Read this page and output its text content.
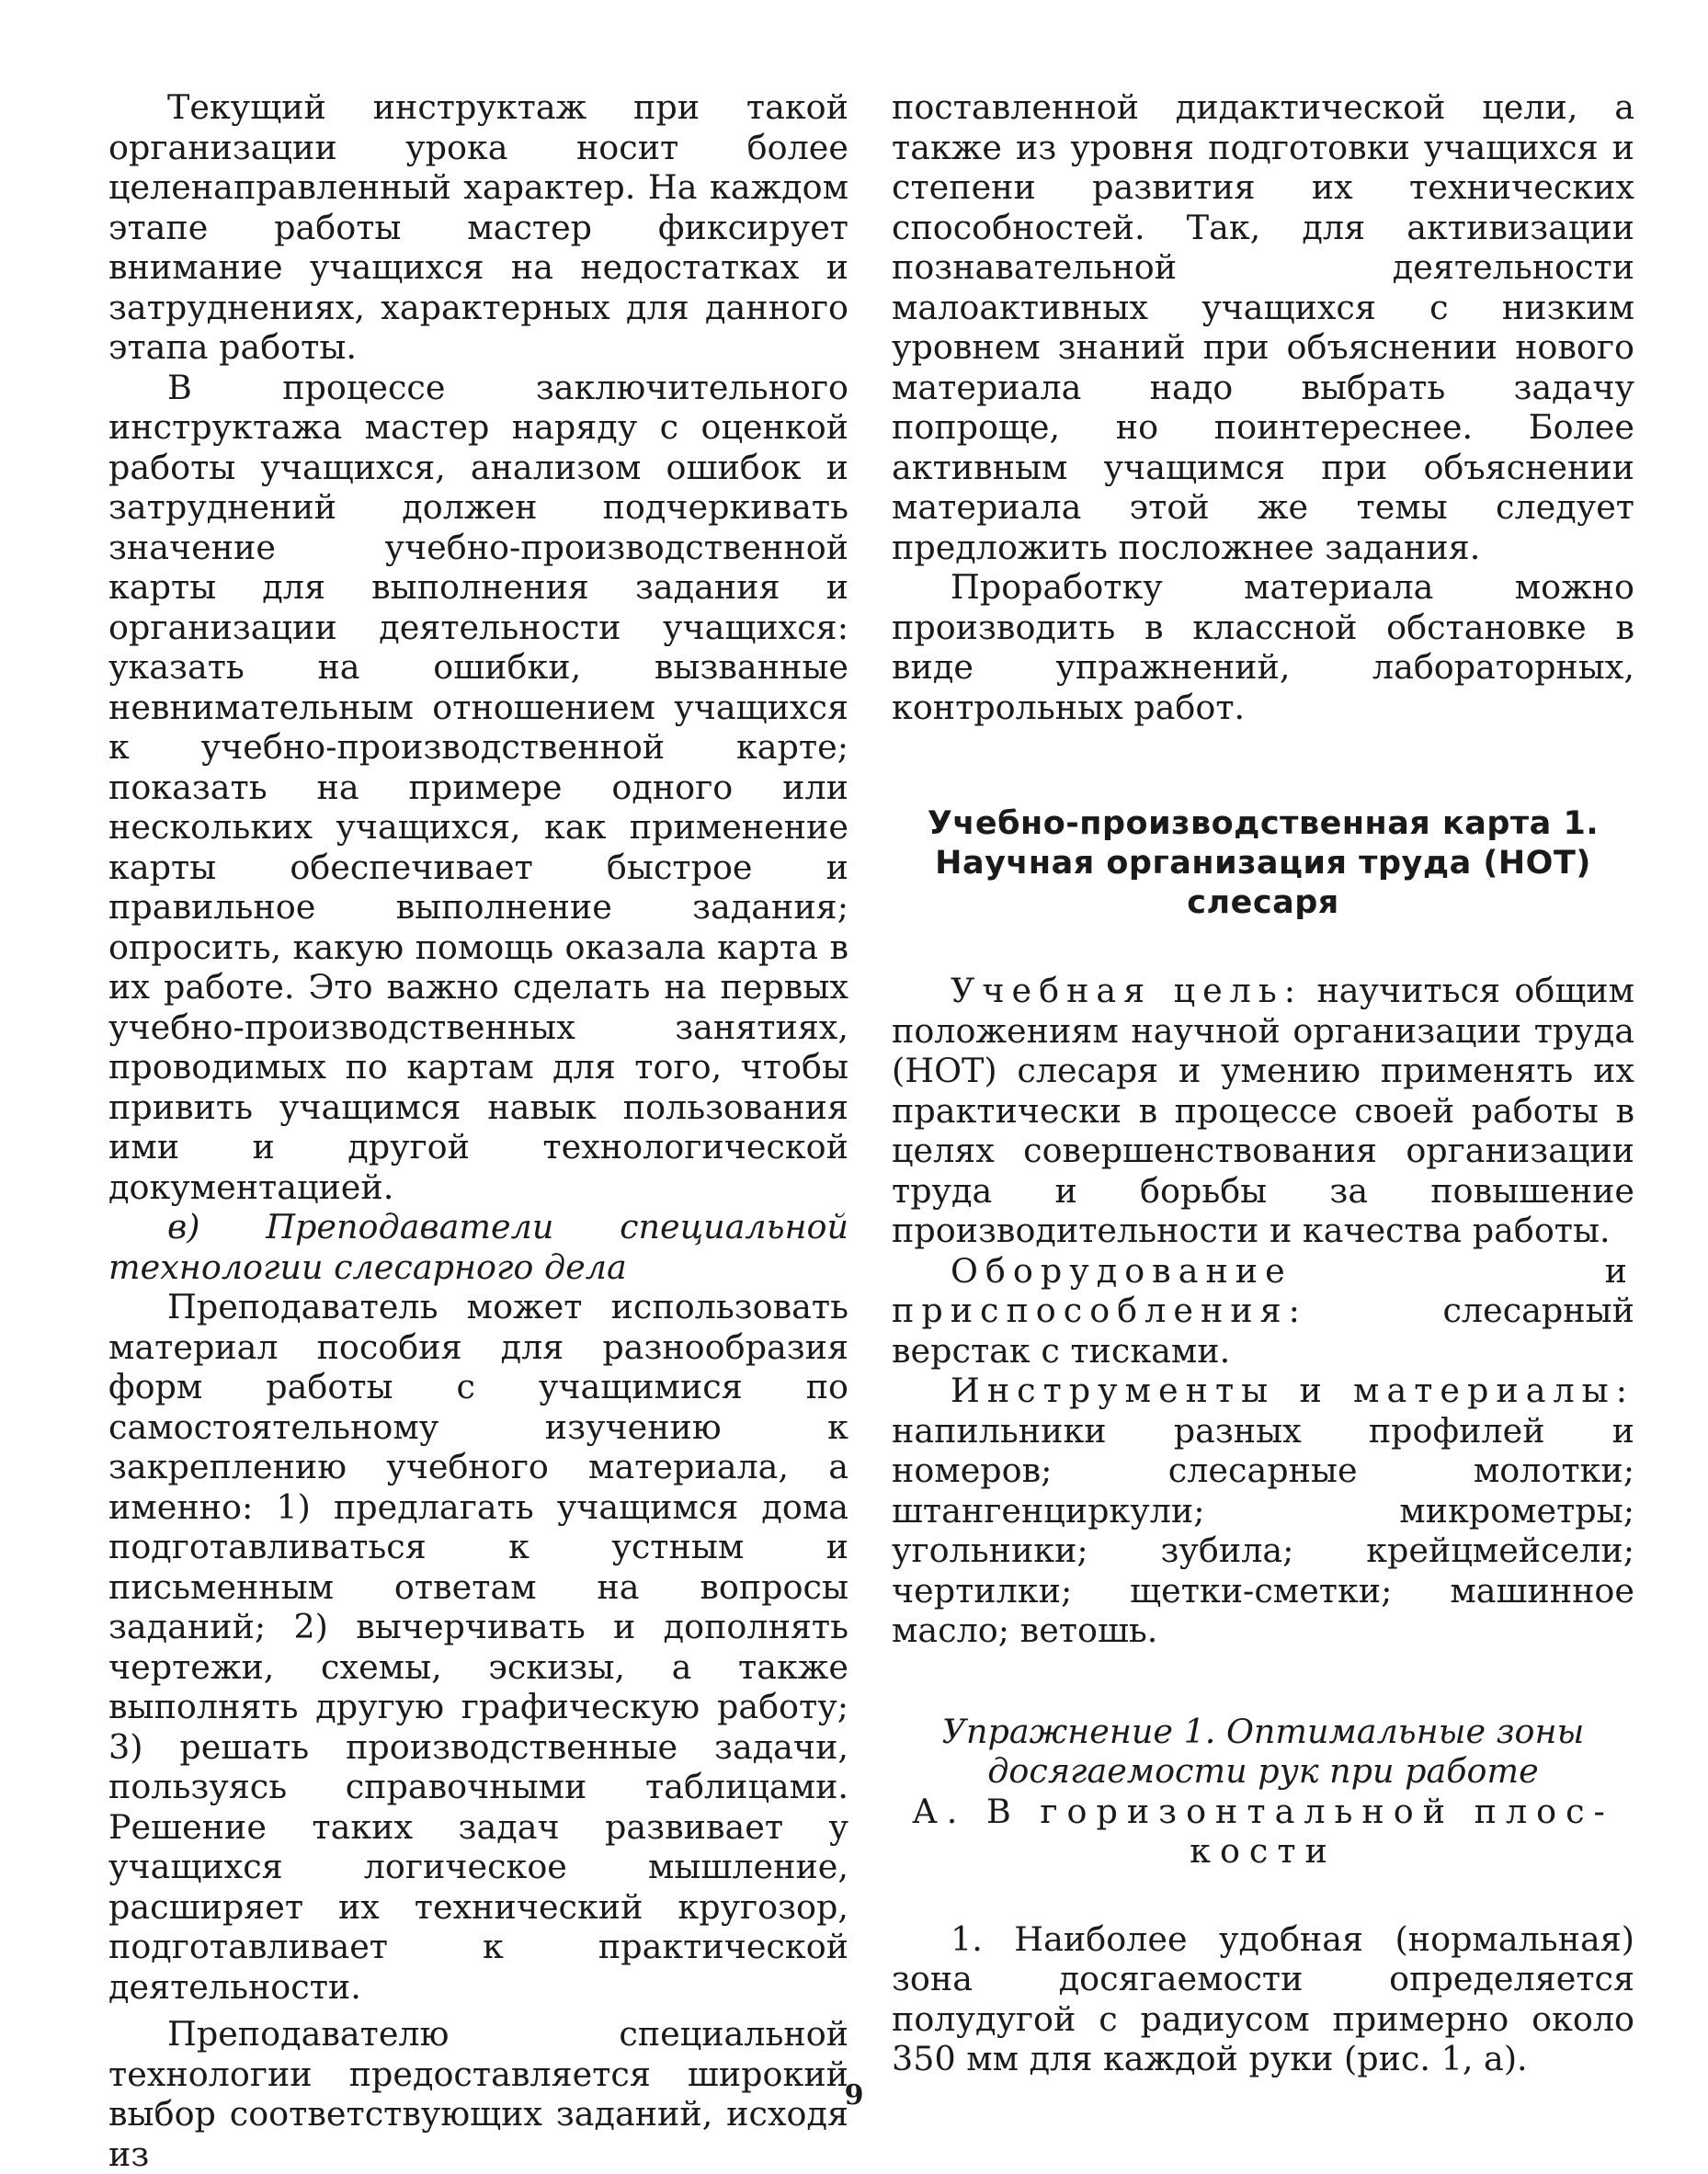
Текущий инструктаж при такой организации урока носит более целенаправленный характер. На каждом этапе работы мастер фиксирует внимание учащихся на недостатках и затруднениях, характерных для данного этапа работы.

В процессе заключительного инструктажа мастер наряду с оценкой работы учащихся, анализом ошибок и затруднений должен подчеркивать значение учебно-производственной карты для выполнения задания и организации деятельности учащихся: указать на ошибки, вызванные невнимательным отношением учащихся к учебно-производственной карте; показать на примере одного или нескольких учащихся, как применение карты обеспечивает быстрое и правильное выполнение задания; опросить, какую помощь оказала карта в их работе. Это важно сделать на первых учебно-производственных занятиях, проводимых по картам для того, чтобы привить учащимся навык пользования ими и другой технологической документацией.

в) Преподаватели специальной технологии слесарного дела

Преподаватель может использовать материал пособия для разнообразия форм работы с учащимися по самостоятельному изучению к закреплению учебного материала, а именно: 1) предлагать учащимся дома подготавливаться к устным и письменным ответам на вопросы заданий; 2) вычерчивать и дополнять чертежи, схемы, эскизы, а также выполнять другую графическую работу; 3) решать производственные задачи, пользуясь справочными таблицами. Решение таких задач развивает у учащихся логическое мышление, расширяет их технический кругозор, подготавливает к практической деятельности.

Преподавателю специальной технологии предоставляется широкий выбор соответствующих заданий, исходя из

поставленной дидактической цели, а также из уровня подготовки учащихся и степени развития их технических способностей. Так, для активизации познавательной деятельности малоактивных учащихся с низким уровнем знаний при объяснении нового материала надо выбрать задачу попроще, но поинтереснее. Более активным учащимся при объяснении материала этой же темы следует предложить посложнее задания.

Проработку материала можно производить в классной обстановке в виде упражнений, лабораторных, контрольных работ.

Учебно-производственная карта 1.
Научная организация труда (НОТ)
слесаря

Учебная цель: научиться общим положениям научной организации труда (НОТ) слесаря и умению применять их практически в процессе своей работы в целях совершенствования организации труда и борьбы за повышение производительности и качества работы.

Оборудование и приспособления:	слесарный верстак с тисками.

Инструменты и материалы: напильники разных профилей и номеров; слесарные молотки; штангенциркули; микрометры; угольники; зубила; крейцмейсели; чертилки; щетки-сметки; машинное масло; ветошь.

Упражнение 1. Оптимальные зоны
досягаемости рук при работе
А. В горизонтальной плос-
кости

1. Наиболее удобная (нормальная) зона досягаемости определяется полудугой с радиусом примерно около 350 мм для каждой руки (рис. 1, а).

9
